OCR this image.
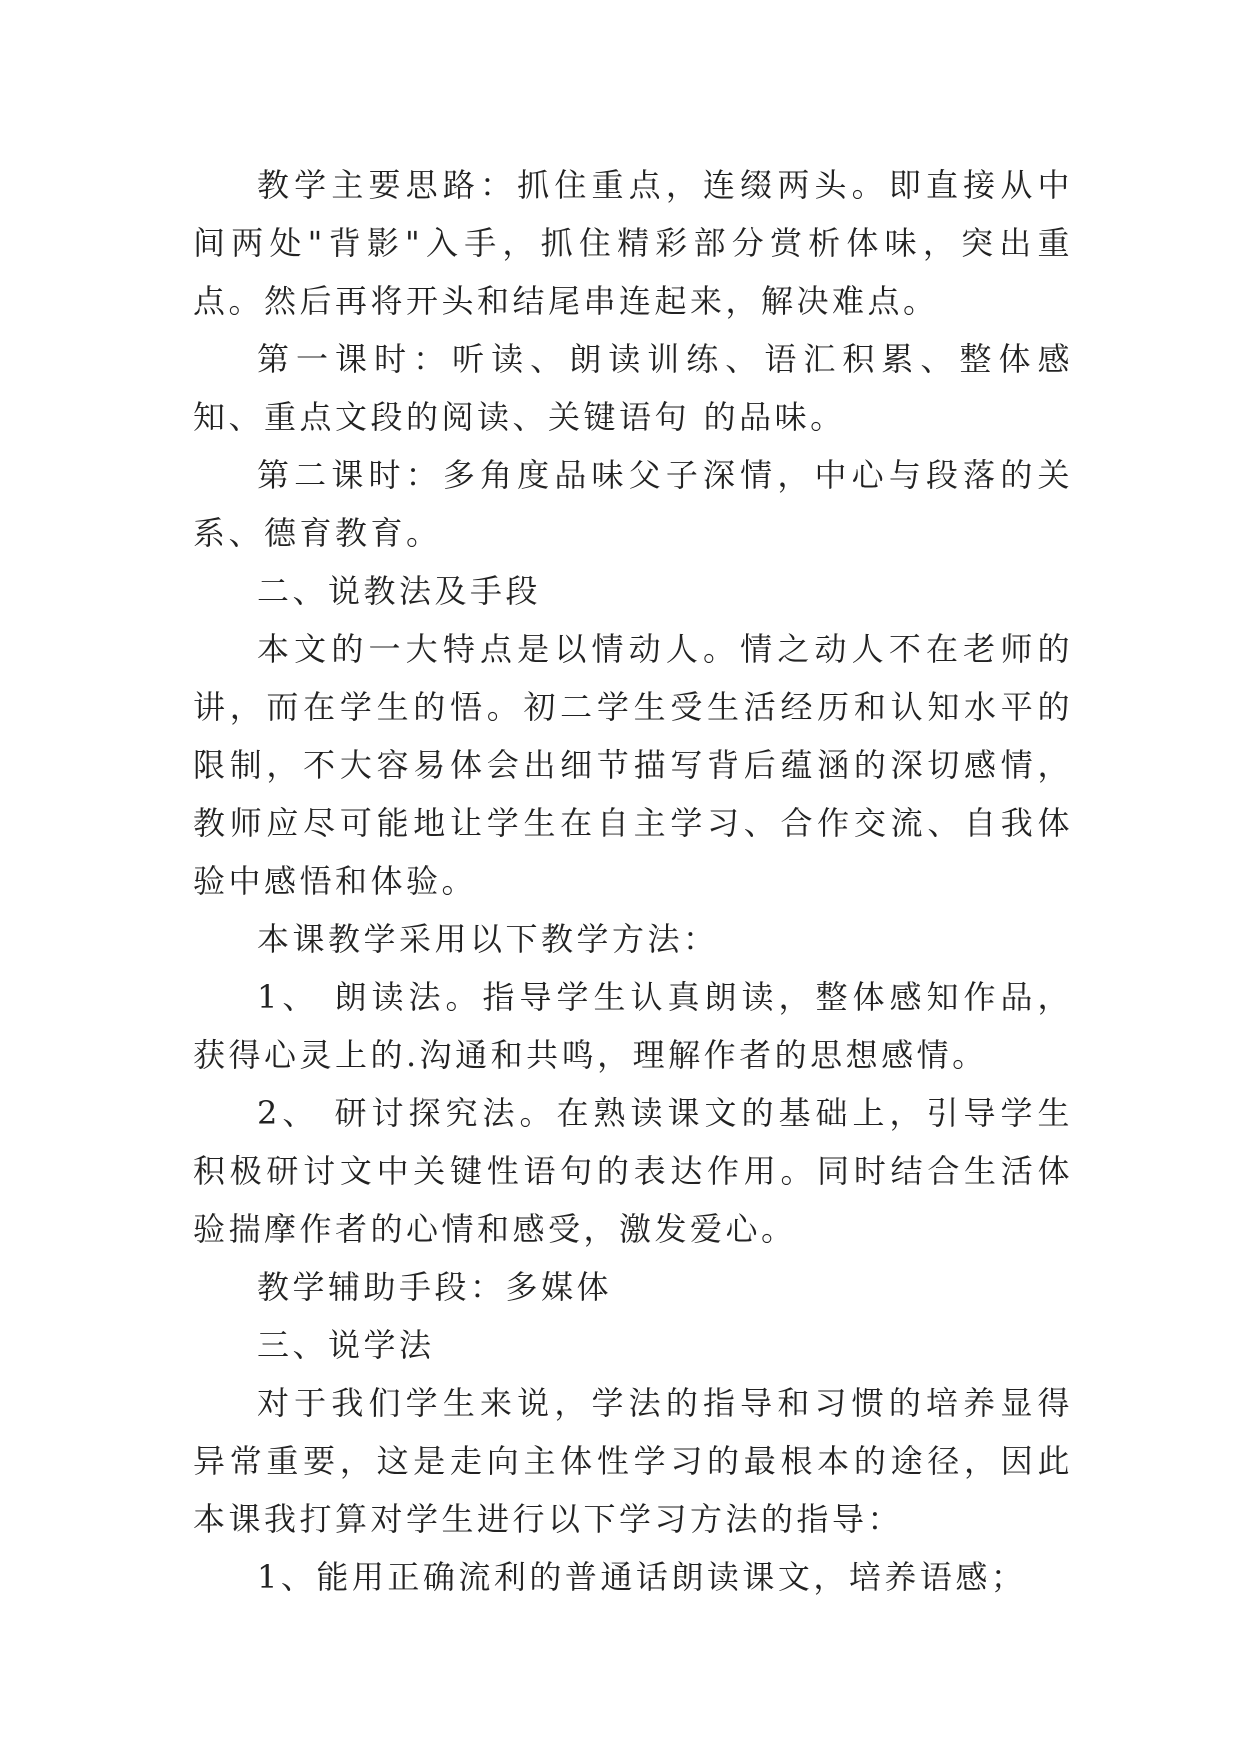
教学主要思路：抓住重点，连缀两头。即直接从中间两处"背影"入手，抓住精彩部分赏析体味，突出重点。然后再将开头和结尾串连起来，解决难点。

第一课时：听读、朗读训练、语汇积累、整体感知、重点文段的阅读、关键语句 的品味。

第二课时：多角度品味父子深情，中心与段落的关系、德育教育。

二、说教法及手段

本文的一大特点是以情动人。情之动人不在老师的讲，而在学生的悟。初二学生受生活经历和认知水平的限制，不大容易体会出细节描写背后蕴涵的深切感情，教师应尽可能地让学生在自主学习、合作交流、自我体验中感悟和体验。

本课教学采用以下教学方法：

1、 朗读法。指导学生认真朗读，整体感知作品，获得心灵上的.沟通和共鸣，理解作者的思想感情。

2、 研讨探究法。在熟读课文的基础上，引导学生积极研讨文中关键性语句的表达作用。同时结合生活体验揣摩作者的心情和感受，激发爱心。

教学辅助手段：多媒体

三、说学法

对于我们学生来说，学法的指导和习惯的培养显得异常重要，这是走向主体性学习的最根本的途径，因此本课我打算对学生进行以下学习方法的指导：

1、能用正确流利的普通话朗读课文，培养语感；
